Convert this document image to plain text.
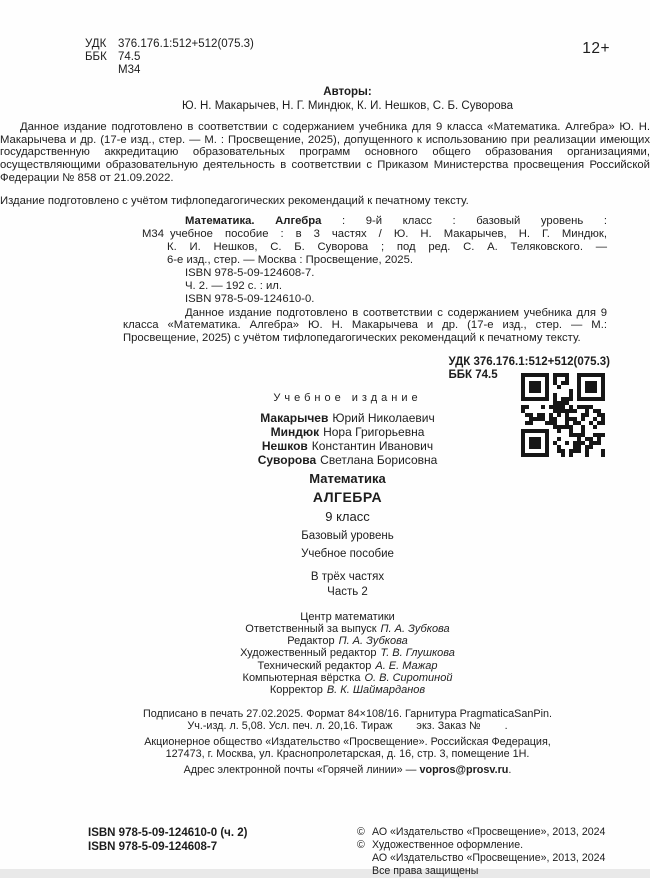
УДК	376.176.1:512+512(075.3)
ББК 74.5
М34
12+
Авторы:
Ю. Н. Макарычев, Н. Г. Миндюк, К. И. Нешков, С. Б. Суворова

Данное издание подготовлено в соответствии с содержанием учебника для 9 класса «Математика. Алгебра» Ю. Н. Макарычева и др. (17-е изд., стер. — М. : Просвещение, 2025), допущенного к использованию при реализации имеющих государственную аккредитацию образовательных программ основного общего образования организациями, осуществляющими образовательную деятельность в соответствии с Приказом Министерства просвещения Российской Федерации № 858 от 21.09.2022.

Издание подготовлено с учётом тифлопедагогических рекомендаций к печатному тексту.

Математика. Алгебра : 9-й класс : базовый уровень :
М34 учебное пособие : в 3 частях / Ю. Н. Макарычев, Н. Г. Миндюк,
К. И. Нешков, С. Б. Суворова ; под ред. С. А. Теляковского. —
6-е изд., стер. — Москва : Просвещение, 2025.
ISBN 978-5-09-124608-7.
Ч. 2. — 192 с. : ил.
ISBN 978-5-09-124610-0.

Данное издание подготовлено в соответствии с содержанием учебника для 9 класса «Математика. Алгебра» Ю. Н. Макарычева и др. (17-е изд., стер. — М.: Просвещение, 2025) с учётом тифлопедагогических рекомендаций к печатному тексту.

УДК 376.176.1:512+512(075.3)
ББК 74.5
Учебное издание
Макарычев Юрий Николаевич
Миндюк Нора Григорьевна
Нешков Константин Иванович
Суворова Светлана Борисовна
Математика
АЛГЕБРА
9 класс
Базовый уровень
Учебное пособие
В трёх частях
Часть 2
Центр математики
Ответственный за выпуск П. А. Зубкова
Редактор П. А. Зубкова
Художественный редактор Т. В. Глушкова
Технический редактор А. Е. Мажар
Компьютерная вёрстка О. В. Сиротиной
Корректор В. К. Шаймарданов
Подписано в печать 27.02.2025. Формат 84×108/16. Гарнитура PragmaticaSanPin.
Уч.-изд. л. 5,08. Усл. печ. л. 20,16. Тираж        экз. Заказ №        .
Акционерное общество «Издательство «Просвещение». Российская Федерация,
127473, г. Москва, ул. Краснопролетарская, д. 16, стр. 3, помещение 1Н.
Адрес электронной почты «Горячей линии» — vopros@prosv.ru.
ISBN 978-5-09-124610-0 (ч. 2)
ISBN 978-5-09-124608-7
© АО «Издательство «Просвещение», 2013, 2024
© Художественное оформление.
АО «Издательство «Просвещение», 2013, 2024
Все права защищены
